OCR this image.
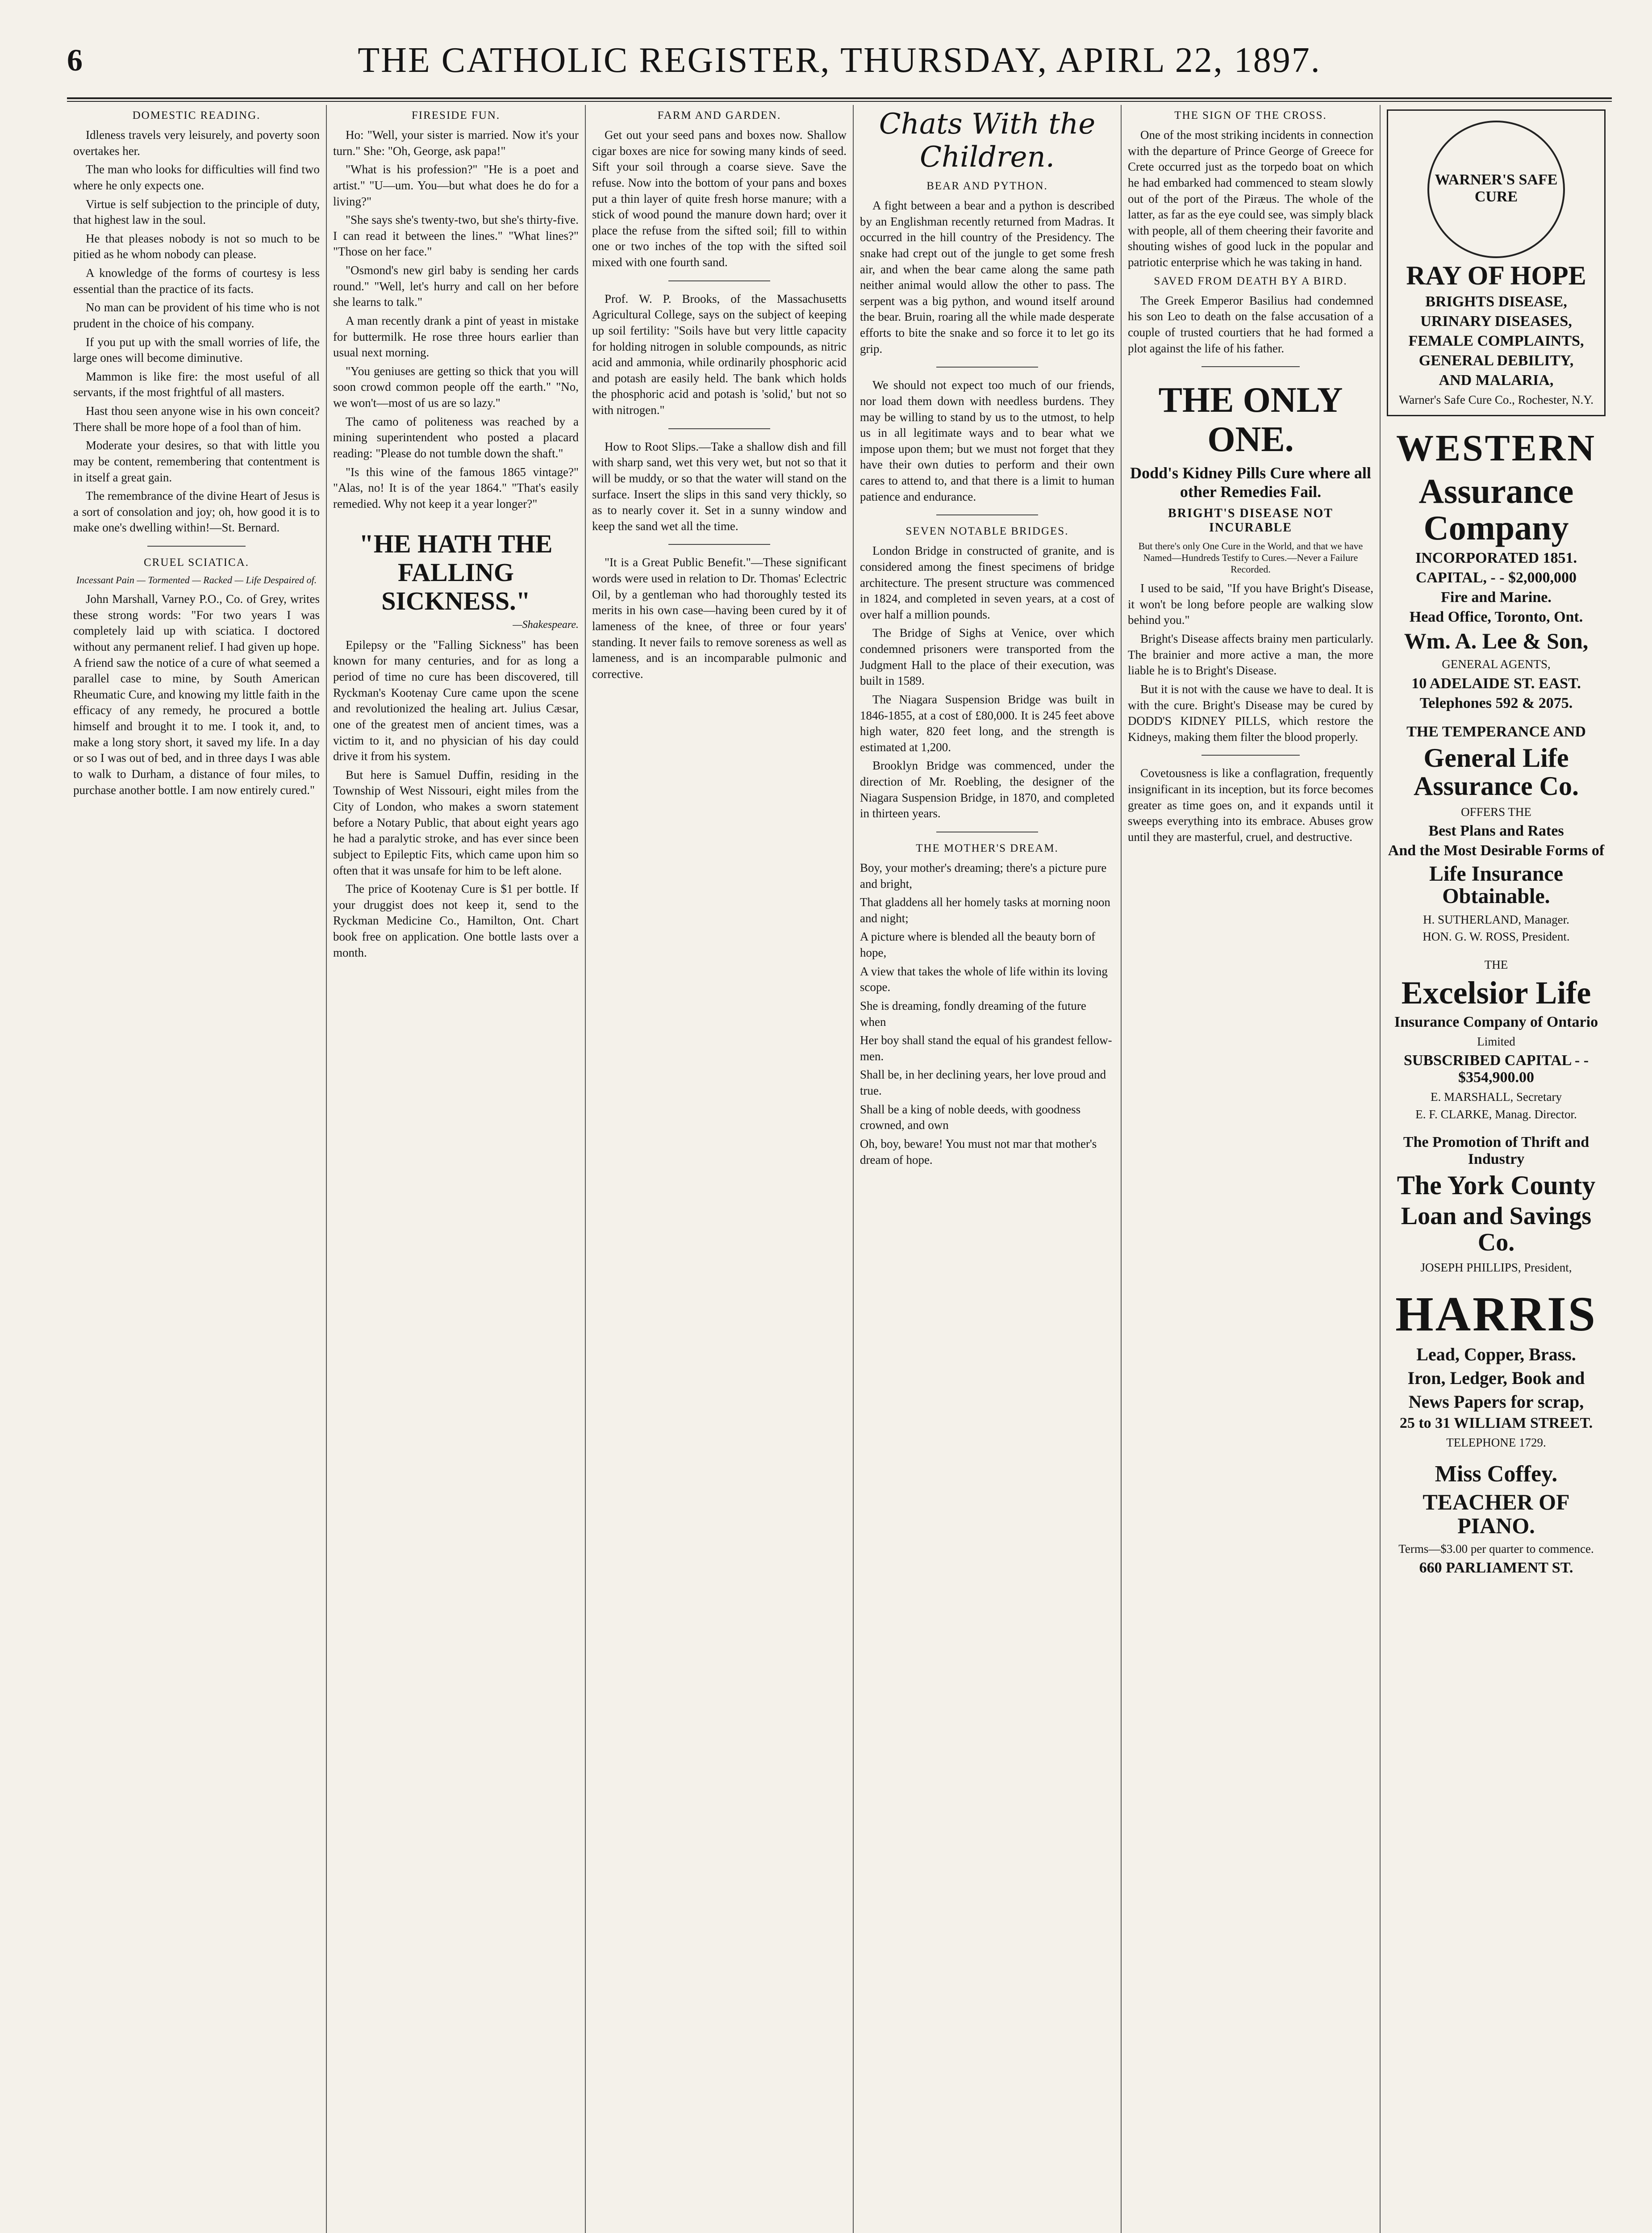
6	THE CATHOLIC REGISTER, THURSDAY, APIRL 22, 1897.
DOMESTIC READING.

Idleness travels very leisurely, and poverty soon overtakes her.

The man who looks for difficulties will find two where he only expects one.

Virtue is self subjection to the principle of duty, that highest law in the soul.

He that pleases nobody is not so much to be pitied as he whom nobody can please.

A knowledge of the forms of courtesy is less essential than the practice of its facts.

No man can be provident of his time who is not prudent in the choice of his company.

If you put up with the small worries of life, the large ones will become diminutive.

Mammon is like fire: the most useful of all servants, if the most frightful of all masters.

Hast thou seen anyone wise in his own conceit? There shall be more hope of a fool than of him.

Moderate your desires, so that with little you may be content, remembering that contentment is in itself a great gain.

The remembrance of the divine Heart of Jesus is a sort of consolation and joy; oh, how good it is to make one's dwelling within!—St. Bernard.

CRUEL SCIATICA.
Incessant Pain — Tormented — Racked — Life Despaired of.

John Marshall, Varney P.O., Co. of Grey, writes these strong words: "For two years I was completely laid up with sciatica. I doctored without any permanent relief. I had given up hope. A friend saw the notice of a cure of what seemed a parallel case to mine, by South American Rheumatic Cure, and knowing my little faith in the efficacy of any remedy, he procured a bottle himself and brought it to me. I took it, and, to make a long story short, it saved my life. In a day or so I was out of bed, and in three days I was able to walk to Durham, a distance of four miles, to purchase another bottle. I am now entirely cured."

FIRESIDE FUN.

Ho: "Well, your sister is married. Now it's your turn." She: "Oh, George, ask papa!"

"What is his profession?" "He is a poet and artist." "U—um. You—but what does he do for a living?"

"She says she's twenty-two, but she's thirty-five. I can read it between the lines." "What lines?" "Those on her face."

"Osmond's new girl baby is sending her cards round." "Well, let's hurry and call on her before she learns to talk."

A man recently drank a pint of yeast in mistake for buttermilk. He rose three hours earlier than usual next morning.

"You geniuses are getting so thick that you will soon crowd common people off the earth." "No, we won't—most of us are so lazy."

The camo of politeness was reached by a mining superintendent who posted a placard reading: "Please do not tumble down the shaft."

"Is this wine of the famous 1865 vintage?" "Alas, no! It is of the year 1864." "That's easily remedied. Why not keep it a year longer?"

"HE HATH THE FALLING SICKNESS."
—Shakespeare.

Epilepsy or the "Falling Sickness" has been known for many centuries, and for as long a period of time no cure has been discovered, till Ryckman's Kootenay Cure came upon the scene and revolutionized the healing art. Julius Cæsar, one of the greatest men of ancient times, was a victim to it, and no physician of his day could drive it from his system.

But here is Samuel Duffin, residing in the Township of West Nissouri, eight miles from the City of London, who makes a sworn statement before a Notary Public, that about eight years ago he had a paralytic stroke, and has ever since been subject to Epileptic Fits, which came upon him so often that it was unsafe for him to be left alone.

The price of Kootenay Cure is $1 per bottle. If your druggist does not keep it, send to the Ryckman Medicine Co., Hamilton, Ont. Chart book free on application. One bottle lasts over a month.

FARM AND GARDEN.

Get out your seed pans and boxes now. Shallow cigar boxes are nice for sowing many kinds of seed. Sift your soil through a coarse sieve. Save the refuse. Now into the bottom of your pans and boxes put a thin layer of quite fresh horse manure; with a stick of wood pound the manure down hard; over it place the refuse from the sifted soil; fill to within one or two inches of the top with the sifted soil mixed with one fourth sand.

Prof. W. P. Brooks, of the Massachusetts Agricultural College, says on the subject of keeping up soil fertility: "Soils have but very little capacity for holding nitrogen in soluble compounds, as nitric acid and ammonia, while ordinarily phosphoric acid and potash are easily held. The bank which holds the phosphoric acid and potash is 'solid,' but not so with nitrogen."

How to Root Slips.—Take a shallow dish and fill with sharp sand, wet this very wet, but not so that it will be muddy, or so that the water will stand on the surface. Insert the slips in this sand very thickly, so as to nearly cover it. Set in a sunny window and keep the sand wet all the time.

"It is a Great Public Benefit."—These significant words were used in relation to Dr. Thomas' Eclectric Oil, by a gentleman who had thoroughly tested its merits in his own case—having been cured by it of lameness of the knee, of three or four years' standing. It never fails to remove soreness as well as lameness, and is an incomparable pulmonic and corrective.

Chats With the Children.
BEAR AND PYTHON.

A fight between a bear and a python is described by an Englishman recently returned from Madras. It occurred in the hill country of the Presidency. The snake had crept out of the jungle to get some fresh air, and when the bear came along the same path neither animal would allow the other to pass. The serpent was a big python, and wound itself around the bear. Bruin, roaring all the while made desperate efforts to bite the snake and so force it to let go its grip.

We should not expect too much of our friends, nor load them down with needless burdens. They may be willing to stand by us to the utmost, to help us in all legitimate ways and to bear what we impose upon them; but we must not forget that they have their own duties to perform and their own cares to attend to, and that there is a limit to human patience and endurance.

SEVEN NOTABLE BRIDGES.

London Bridge in constructed of granite, and is considered among the finest specimens of bridge architecture. The present structure was commenced in 1824, and completed in seven years, at a cost of over half a million pounds.

The Bridge of Sighs at Venice, over which condemned prisoners were transported from the Judgment Hall to the place of their execution, was built in 1589.

The Niagara Suspension Bridge was built in 1846-1855, at a cost of £80,000. It is 245 feet above high water, 820 feet long, and the strength is estimated at 1,200.

Brooklyn Bridge was commenced, under the direction of Mr. Roebling, the designer of the Niagara Suspension Bridge, in 1870, and completed in thirteen years.

THE MOTHER'S DREAM.

Boy, your mother's dreaming; there's a picture pure and bright,

That gladdens all her homely tasks at morning noon and night;

A picture where is blended all the beauty born of hope,

A view that takes the whole of life within its loving scope.

She is dreaming, fondly dreaming of the future when

Her boy shall stand the equal of his grandest fellow-men.

Shall be, in her declining years, her love proud and true.

Shall be a king of noble deeds, with goodness crowned, and own

Oh, boy, beware! You must not mar that mother's dream of hope.

THE SIGN OF THE CROSS.

One of the most striking incidents in connection with the departure of Prince George of Greece for Crete occurred just as the torpedo boat on which he had embarked had commenced to steam slowly out of the port of the Piræus. The whole of the latter, as far as the eye could see, was simply black with people, all of them cheering their favorite and shouting wishes of good luck in the popular and patriotic enterprise which he was taking in hand.

SAVED FROM DEATH BY A BIRD.

The Greek Emperor Basilius had condemned his son Leo to death on the false accusation of a couple of trusted courtiers that he had formed a plot against the life of his father.

THE ONLY ONE.
Dodd's Kidney Pills Cure where all other Remedies Fail.
BRIGHT'S DISEASE NOT INCURABLE
But there's only One Cure in the World, and that we have Named—Hundreds Testify to Cures.—Never a Failure Recorded.

I used to be said, "If you have Bright's Disease, it won't be long before people are walking slow behind you."

Bright's Disease affects brainy men particularly. The brainier and more active a man, the more liable he is to Bright's Disease.

But it is not with the cause we have to deal. It is with the cure. Bright's Disease may be cured by DODD'S KIDNEY PILLS, which restore the Kidneys, making them filter the blood properly.

Covetousness is like a conflagration, frequently insignificant in its inception, but its force becomes greater as time goes on, and it expands until it sweeps everything into its embrace. Abuses grow until they are masterful, cruel, and destructive.

WARNER'S SAFE CURE
RAY OF HOPE
BRIGHTS DISEASE,
URINARY DISEASES,
FEMALE COMPLAINTS,
GENERAL DEBILITY,
AND MALARIA,
Warner's Safe Cure Co., Rochester, N.Y.
WESTERN
Assurance Company
INCORPORATED 1851.
CAPITAL, - - $2,000,000
Fire and Marine.
Head Office, Toronto, Ont.
Wm. A. Lee & Son,
GENERAL AGENTS,
10 ADELAIDE ST. EAST.
Telephones 592 & 2075.
THE TEMPERANCE AND
General Life Assurance Co.
OFFERS THE
Best Plans and Rates
And the Most Desirable Forms of
Life Insurance Obtainable.
H. SUTHERLAND, Manager.
HON. G. W. ROSS, President.
THE
Excelsior Life
Insurance Company of Ontario
Limited
SUBSCRIBED CAPITAL - - $354,900.00
E. MARSHALL, Secretary
E. F. CLARKE, Manag. Director.
The Promotion of Thrift and Industry
The York County
Loan and Savings Co.
JOSEPH PHILLIPS, President,
HARRIS
Lead, Copper, Brass.
Iron, Ledger, Book and
News Papers for scrap,
25 to 31 WILLIAM STREET.
TELEPHONE 1729.
Miss Coffey.
TEACHER OF PIANO.
Terms—$3.00 per quarter to commence.
660 PARLIAMENT ST.
